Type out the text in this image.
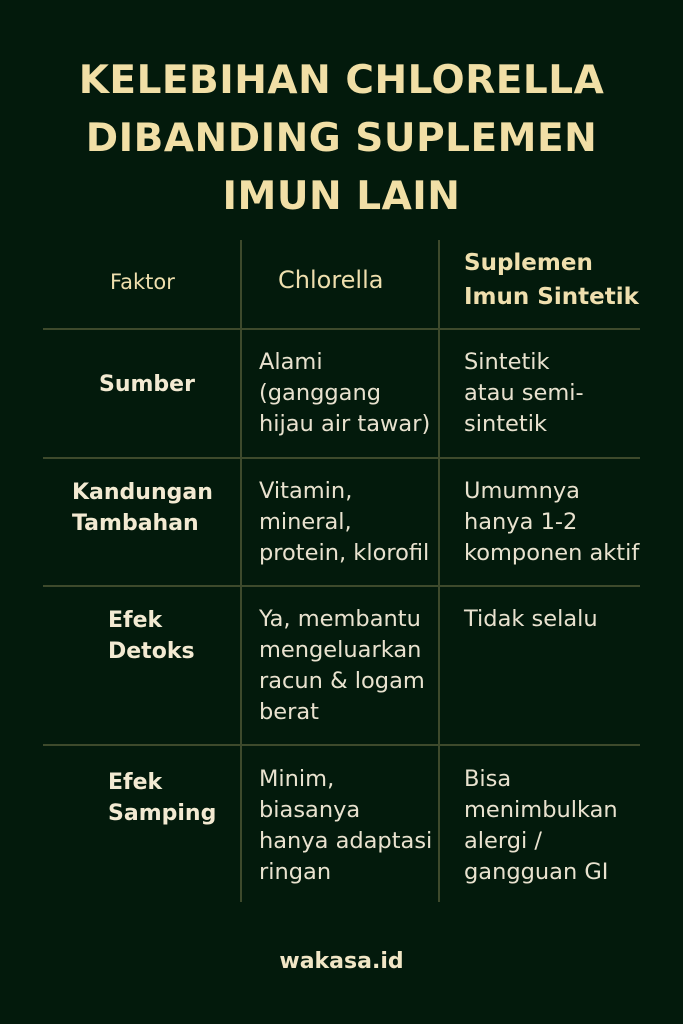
KELEBIHAN CHLORELLA
DIBANDING SUPLEMEN
IMUN LAIN
Faktor	Chlorella
Suplemen
Imun Sintetik
Sumber
Alami
(ganggang
hijau air tawar)
Sintetik
atau semi-
sintetik
Kandungan
Tambahan
Vitamin,
mineral,
protein, klorofil
Umumnya
hanya 1-2
komponen aktif
Efek
Detoks
Ya, membantu
mengeluarkan
racun & logam
berat
Tidak selalu
Efek
Samping
Minim,
biasanya
hanya adaptasi
ringan
Bisa
menimbulkan
alergi /
gangguan GI
wakasa.id
